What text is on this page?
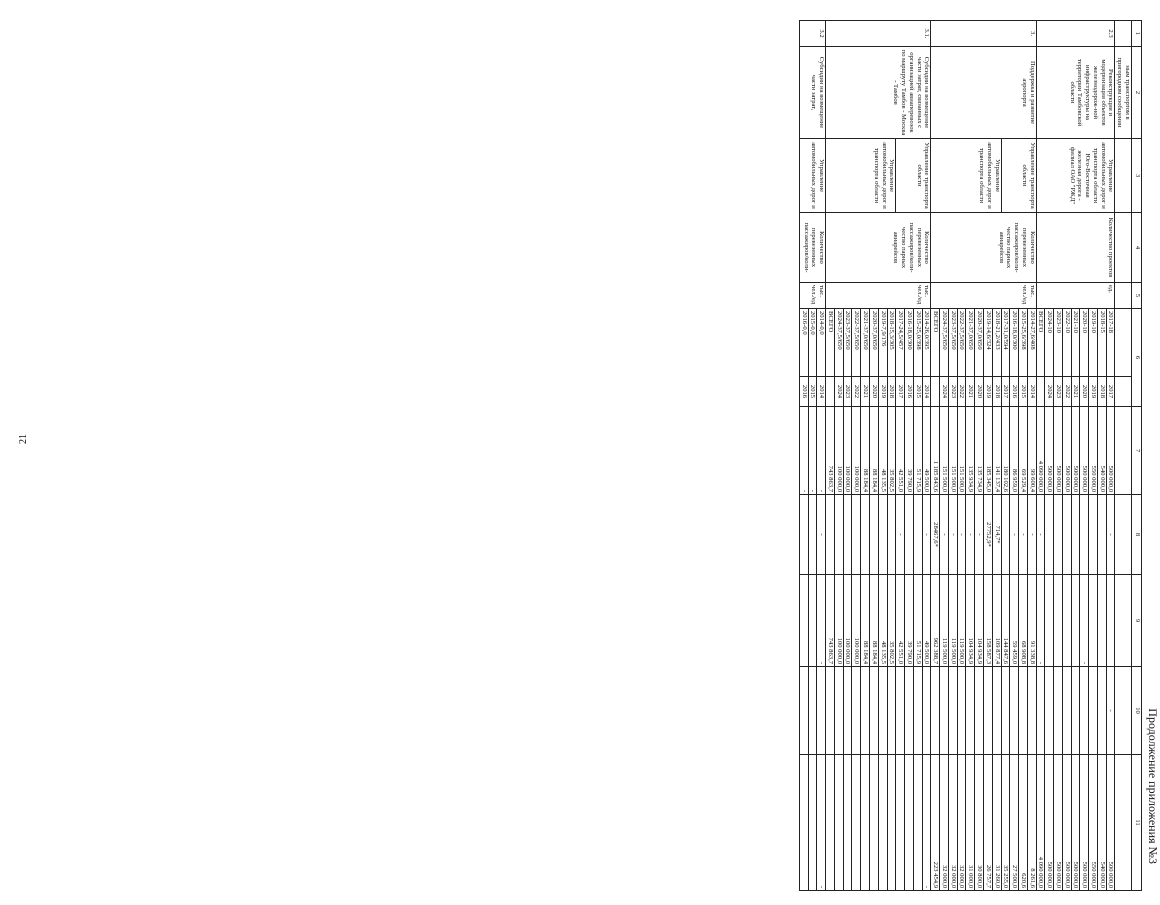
21
Продолжение приложения №3
1	2	3	4	5	6		7	8	9	10	11
	ным транспортом в пригородном сообщении										
2.3	Реконструкция и модернизация объектов железнодорож-ной инфраструктуры на территории Тамбовской области	Управление автомобильных дорог и транспорта области Юго-Восточная железная дорога - филиал ОАО "РЖД"	Количество проектов	ед.	2017-18	2017	500 000,0	-		-	500 000,0
					2018-15	2018	540 000,0				540 000,0
					2019-10	2019	550 000,0				550 000,0
					2020-10	2020	500 000,0		-		500 000,0
					2021-10	2021	500 000,0				500 000,0
					2022-10	2022	500 000,0				500 000,0
					2023-10	2023	500 000,0				500 000,0
					2024-10	2024	500 000,0				500 000,0
					ВСЕГО		4 090 000,0	-	-		4 090 000,0
3.	Поддержка и развитие аэропорта	Управление транспорта области	Количество перевезенных пассажиров/коли-чество парных авиарейсов	тыс. чел./ед	2014-27,6/408	2014	99 600,4	-	91 338,8		8 261,6
					2015-25,6/398	2015	69 529,4	-	68 908,8		620,6
					2016-18,0/300	2016	86 959,0	-	59 459,0		27 500,0
					2017-31,0/594	2017	180 102,6		144 847,6		35 255,0
		Управление автомобильных дорог и транспорта области			2018-21,2/433	2018	141 137,4	714,7*	109 877,4		31 260,0
					2019-14,6/324	2019	185 345,0	27752,9*	158 587,3		26 757,7
					2020-37,0/650	2020	135 734,9	-	104 934,9		30 800,0
					2021-37,0/650	2021	135 934,9	-	104 934,9		31 000,0
					2022-37,5/650	2022	151 500,0	-	119 500,0		32 000,0
					2023-37,5/650	2023	151 500,0	-	119 500,0		32 000,0
					2024-37,5/650	2024	151 500,0	-	119 500,0		32 000,0
					ВСЕГО		1 185 843,6	28467,6*	962 388,7		223 454,9
3.1.	Субсидии на возмещение части затрат, связанных с организацией авиаперевозок по маршруту Тамбов - Москва - Тамбов	Управление транспорта области	Количество перевезенных пассажиров/коли-чество парных авиарейсов	тыс. чел./ед	2014-26,0/395	2014	49 500,0	-	49 500,0		-
					2015-25,0/398	2015	51 715,9		51 715,9		
					2016-18,0/300	2016	39 790,0		39 790,0		
					2017-24,5/457	2017	42 551,0	-	42 551,0		
		Управление автомобильных дорог и транспорта области			2018-15,3/305	2018	35 802,5		35 802,5		
					2019-7,9/176	2019	48 135,5		48 135,5		
					2020-37,0/650	2020	88 184,4		88 184,4		
					2021-37,0/650	2021	88 184,4		88 184,4		
					2022-37,5/650	2022	100 000,0		100 000,0		
					2023-37,5/650	2023	100 000,0		100 000,0		
					2024-37,5/650	2024	100 000,0		100 000,0		
					ВСЕГО		743 863,7		743 863,7		
3.2	Субсидии на возмещение части затрат,	Управление автомобильных дорог и	Количество перевезенных пассажиров/коли-	тыс. чел./ед	2014-0,0	2014	-	-	-		-
					2015-0,0	2015	-				
					2016-0,0	2016	-				
